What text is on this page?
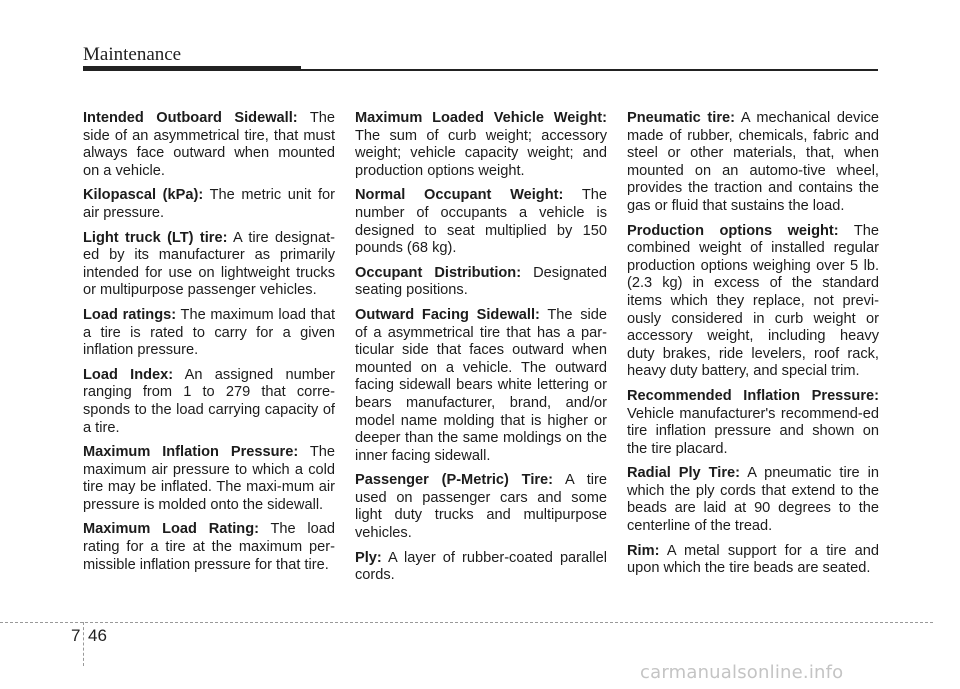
Maintenance

Intended Outboard Sidewall: The side of an asymmetrical tire, that must always face outward when mounted on a vehicle.

Kilopascal (kPa): The metric unit for air pressure.

Light truck (LT) tire: A tire designat-ed by its manufacturer as primarily intended for use on lightweight trucks or multipurpose passenger vehicles.

Load ratings: The maximum load that a tire is rated to carry for a given inflation pressure.

Load Index: An assigned number ranging from 1 to 279 that corre-sponds to the load carrying capacity of a tire.

Maximum Inflation Pressure: The maximum air pressure to which a cold tire may be inflated. The maxi-mum air pressure is molded onto the sidewall.

Maximum Load Rating: The load rating for a tire at the maximum per-missible inflation pressure for that tire.

Maximum Loaded Vehicle Weight: The sum of curb weight; accessory weight; vehicle capacity weight; and production options weight.

Normal Occupant Weight: The number of occupants a vehicle is designed to seat multiplied by 150 pounds (68 kg).

Occupant Distribution: Designated seating positions.

Outward Facing Sidewall: The side of a asymmetrical tire that has a par-ticular side that faces outward when mounted on a vehicle. The outward facing sidewall bears white lettering or bears manufacturer, brand, and/or model name molding that is higher or deeper than the same moldings on the inner facing sidewall.

Passenger (P-Metric) Tire: A tire used on passenger cars and some light duty trucks and multipurpose vehicles.

Ply: A layer of rubber-coated parallel cords.

Pneumatic tire: A mechanical device made of rubber, chemicals, fabric and steel or other materials, that, when mounted on an automo-tive wheel, provides the traction and contains the gas or fluid that sustains the load.

Production options weight: The combined weight of installed regular production options weighing over 5 lb.(2.3 kg) in excess of the standard items which they replace, not previ-ously considered in curb weight or accessory weight, including heavy duty brakes, ride levelers, roof rack, heavy duty battery, and special trim.

Recommended Inflation Pressure: Vehicle manufacturer's recommend-ed tire inflation pressure and shown on the tire placard.

Radial Ply Tire: A pneumatic tire in which the ply cords that extend to the beads are laid at 90 degrees to the centerline of the tread.

Rim: A metal support for a tire and upon which the tire beads are seated.

7 46
carmanualsonline.info
